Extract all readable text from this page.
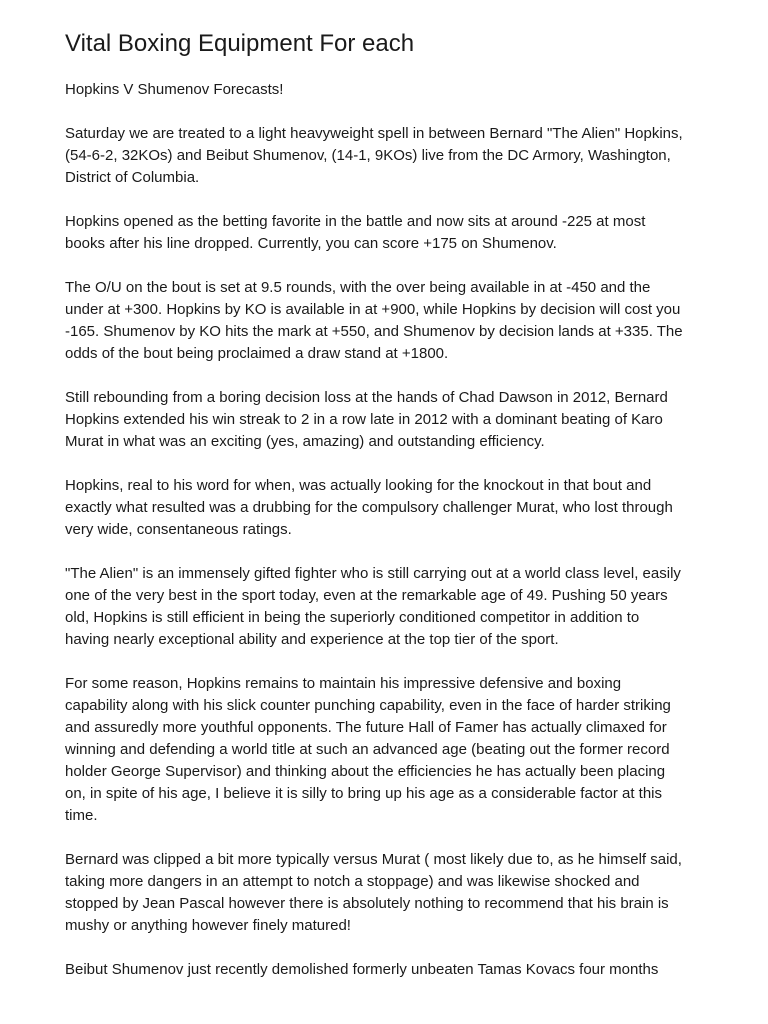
Vital Boxing Equipment For each

Hopkins V Shumenov Forecasts!

Saturday we are treated to a light heavyweight spell in between Bernard "The Alien" Hopkins,
(54-6-2, 32KOs) and Beibut Shumenov, (14-1, 9KOs) live from the DC Armory, Washington,
District of Columbia.

Hopkins opened as the betting favorite in the battle and now sits at around -225 at most
books after his line dropped. Currently, you can score +175 on Shumenov.

The O/U on the bout is set at 9.5 rounds, with the over being available in at -450 and the
under at +300. Hopkins by KO is available in at +900, while Hopkins by decision will cost you
-165. Shumenov by KO hits the mark at +550, and Shumenov by decision lands at +335. The
odds of the bout being proclaimed a draw stand at +1800.

Still rebounding from a boring decision loss at the hands of Chad Dawson in 2012, Bernard
Hopkins extended his win streak to 2 in a row late in 2012 with a dominant beating of Karo
Murat in what was an exciting (yes, amazing) and outstanding efficiency.

Hopkins, real to his word for when, was actually looking for the knockout in that bout and
exactly what resulted was a drubbing for the compulsory challenger Murat, who lost through
very wide, consentaneous ratings.

"The Alien" is an immensely gifted fighter who is still carrying out at a world class level, easily
one of the very best in the sport today, even at the remarkable age of 49. Pushing 50 years
old, Hopkins is still efficient in being the superiorly conditioned competitor in addition to
having nearly exceptional ability and experience at the top tier of the sport.

For some reason, Hopkins remains to maintain his impressive defensive and boxing
capability along with his slick counter punching capability, even in the face of harder striking
and assuredly more youthful opponents. The future Hall of Famer has actually climaxed for
winning and defending a world title at such an advanced age (beating out the former record
holder George Supervisor) and thinking about the efficiencies he has actually been placing
on, in spite of his age, I believe it is silly to bring up his age as a considerable factor at this
time.

Bernard was clipped a bit more typically versus Murat ( most likely due to, as he himself said,
taking more dangers in an attempt to notch a stoppage) and was likewise shocked and
stopped by Jean Pascal however there is absolutely nothing to recommend that his brain is
mushy or anything however finely matured!

Beibut Shumenov just recently demolished formerly unbeaten Tamas Kovacs four months
